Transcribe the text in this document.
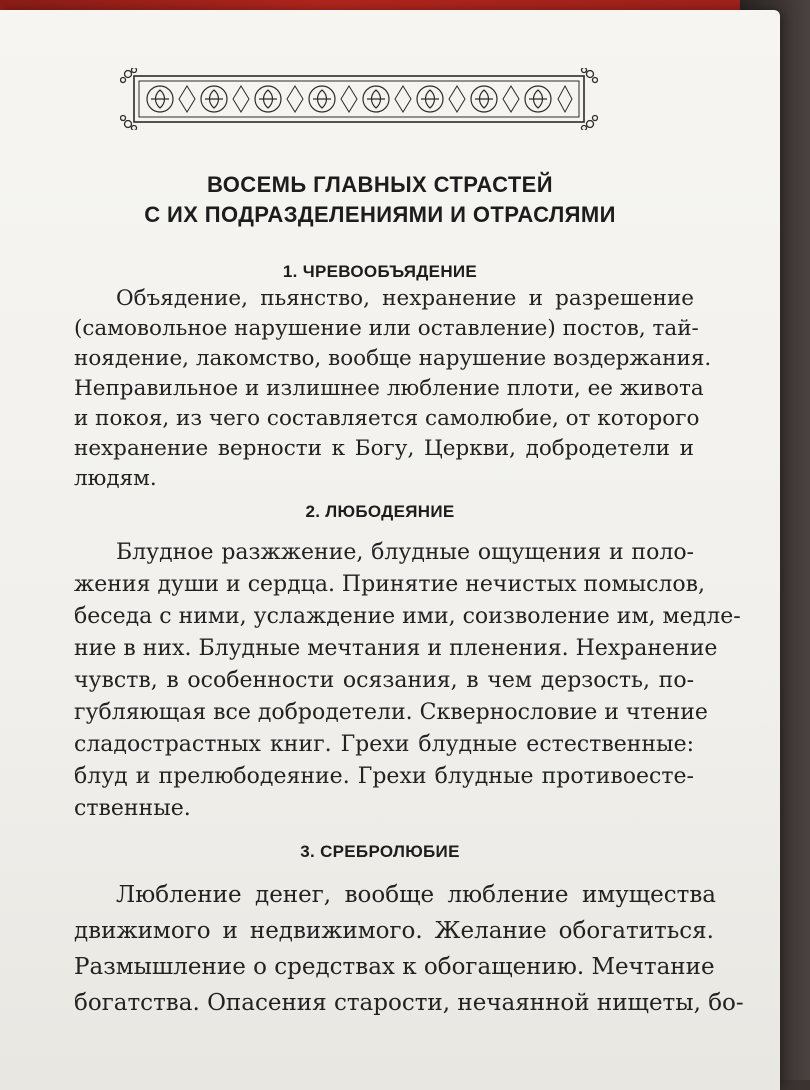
ВОСЕМЬ ГЛАВНЫХ СТРАСТЕЙ
С ИХ ПОДРАЗДЕЛЕНИЯМИ И ОТРАСЛЯМИ
1. ЧРЕВООБЪЯДЕНИЕ
Объядение, пьянство, нехранение и разрешение
(самовольное нарушение или оставление) постов, тай-
ноядение, лакомство, вообще нарушение воздержания.
Неправильное и излишнее любление плоти, ее живота
и покоя, из чего составляется самолюбие, от которого
нехранение верности к Богу, Церкви, добродетели и
людям.
2. ЛЮБОДЕЯНИЕ
Блудное разжжение, блудные ощущения и поло-
жения души и сердца. Принятие нечистых помыслов,
беседа с ними, услаждение ими, соизволение им, медле-
ние в них. Блудные мечтания и пленения. Нехранение
чувств, в особенности осязания, в чем дерзость, по-
губляющая все добродетели. Сквернословие и чтение
сладострастных книг. Грехи блудные естественные:
блуд и прелюбодеяние. Грехи блудные противоесте-
ственные.
3. СРЕБРОЛЮБИЕ
Любление денег, вообще любление имущества
движимого и недвижимого. Желание обогатиться.
Размышление о средствах к обогащению. Мечтание
богатства. Опасения старости, нечаянной нищеты, бо-
